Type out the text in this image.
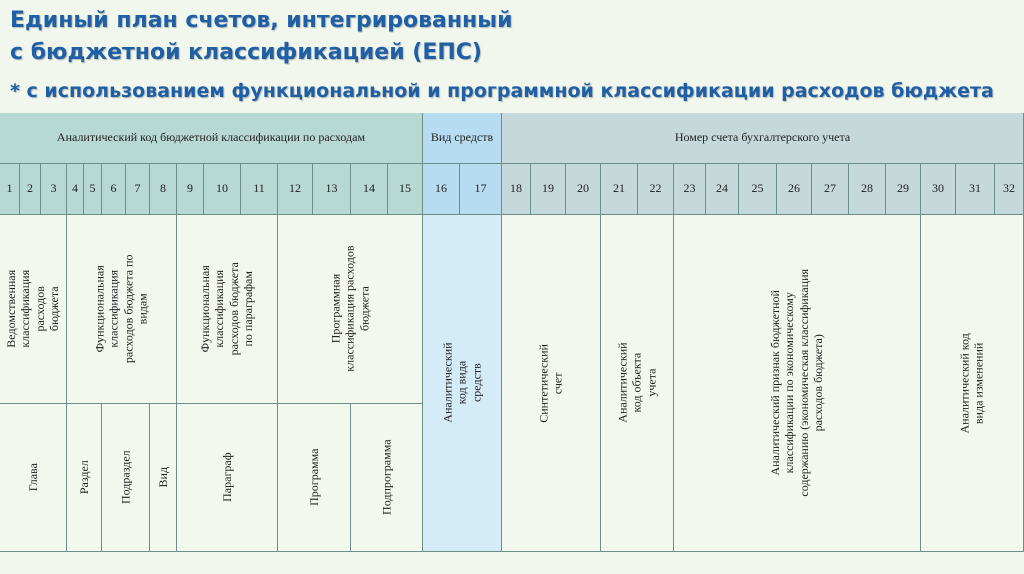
Единый план счетов, интегрированный
с бюджетной классификацией (ЕПС)
* с использованием функциональной и программной классификации расходов бюджета
Аналитический код бюджетной классификации по расходам	Вид средств	Номер счета бухгалтерского учета
1	2	3	4 5	6	7	8	9	10	11	12	13	14	15	16	17	18	19	20	21	22	23	24	25	26	27	28	29	30	31	32
Ведомственная классификация расходов бюджета	Функциональная классификация расходов бюджета по видам	Функциональная классификация расходов бюджета по параграфам	Программная классификация расходов бюджета
Глава	Раздел Подраздел Вид	Параграф	Программа	Подпрограмма
Аналитический код вида средств	Синтетический счет	Аналитический код объекта учета	Аналитический признак бюджетной классификации по экономическому содержанию (экономическая классификация расходов бюджета)	Аналитический код вида изменений
